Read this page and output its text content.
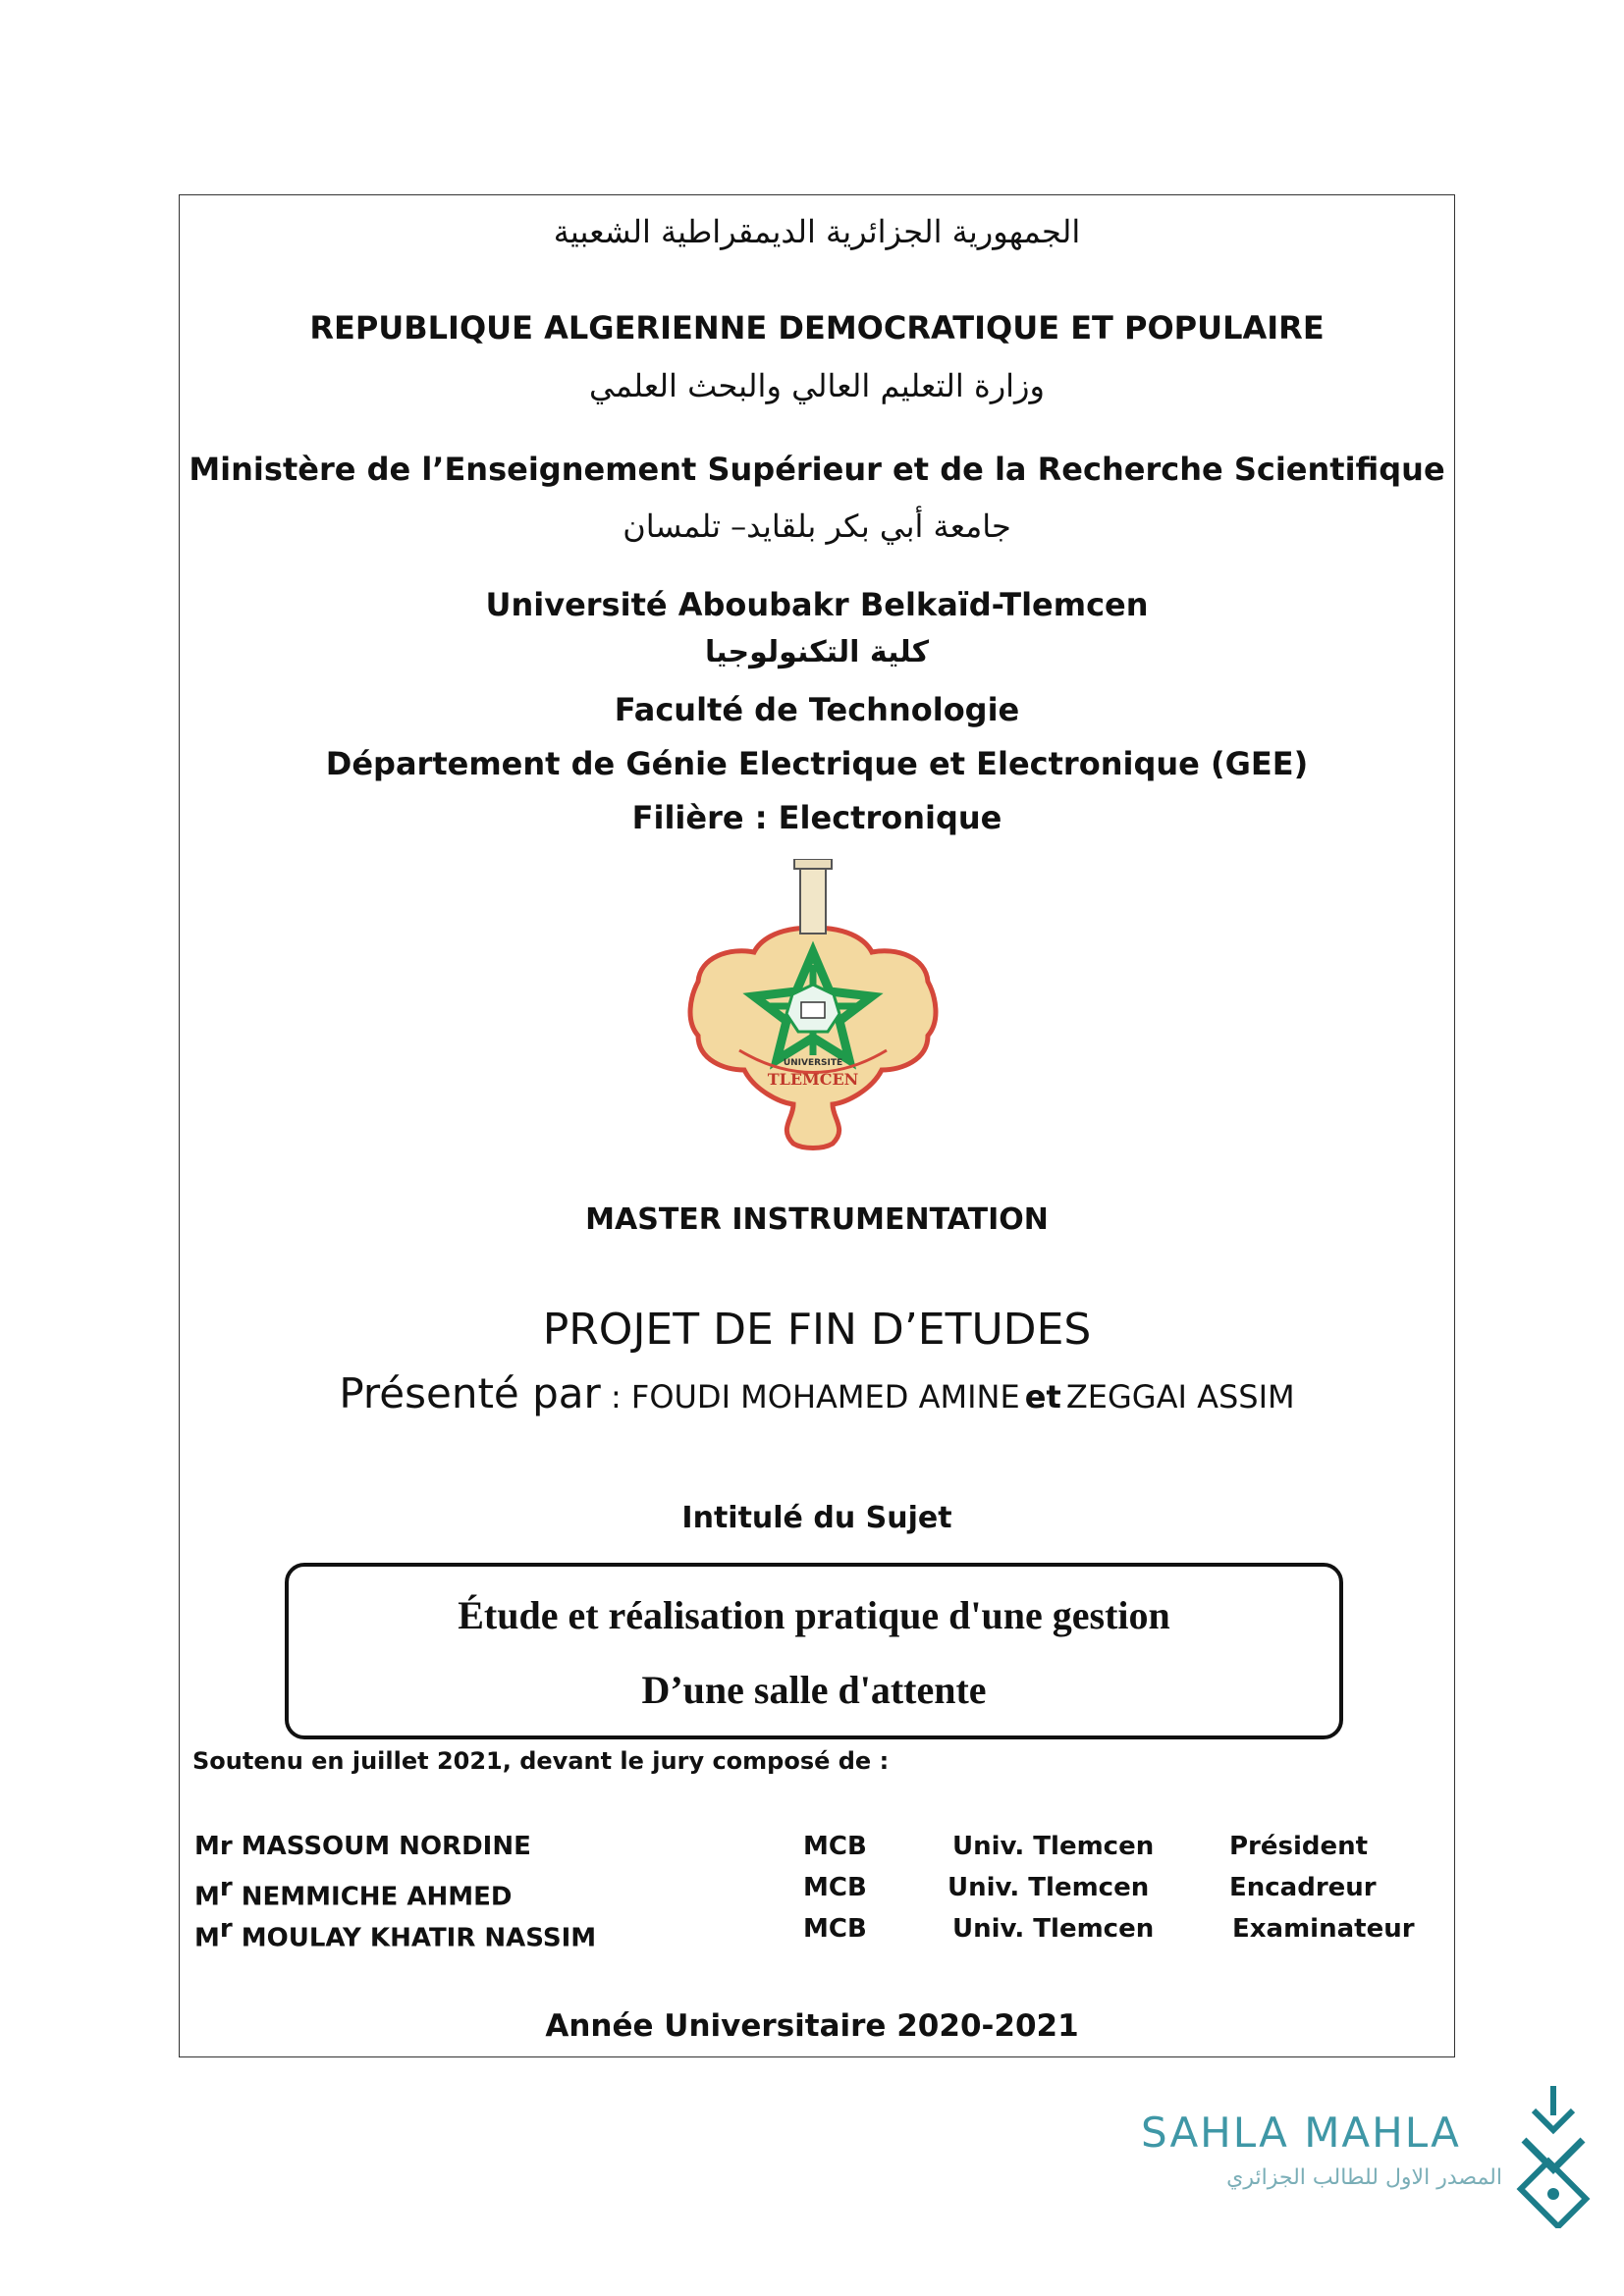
الجمهورية الجزائرية الديمقراطية الشعبية
REPUBLIQUE ALGERIENNE DEMOCRATIQUE ET POPULAIRE
وزارة التعليم العالي والبحث العلمي
Ministère de l’Enseignement Supérieur et de la Recherche Scientifique
جامعة أبي بكر بلقايد– تلمسان
Université Aboubakr Belkaïd-Tlemcen
كلية التكنولوجيا
Faculté de Technologie
Département de Génie Electrique et Electronique (GEE)
Filière : Electronique
UNIVERSITE
TLEMCEN
MASTER INSTRUMENTATION
PROJET DE FIN D’ETUDES
Présenté par : FOUDI MOHAMED AMINE et ZEGGAI ASSIM
Intitulé du Sujet
Étude et réalisation pratique d'une gestion
D’une salle d'attente
Soutenu en juillet 2021, devant le jury composé de :
Mr MASSOUM NORDINE	MCB	Univ. Tlemcen	Président
Mr NEMMICHE AHMED	MCB	Univ. Tlemcen	Encadreur
Mr MOULAY KHATIR NASSIM	MCB	Univ. Tlemcen	Examinateur
Année Universitaire 2020-2021
SAHLA MAHLA
المصدر الاول للطالب الجزائري
